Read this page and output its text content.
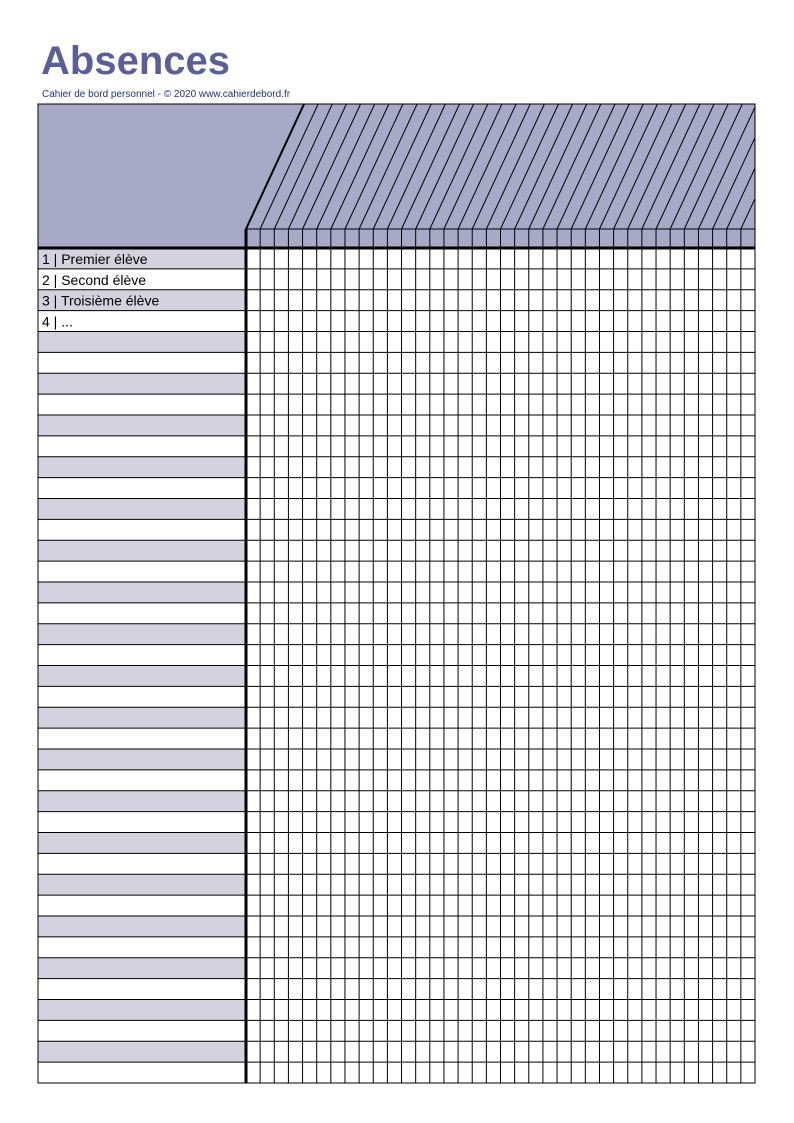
Absences
Cahier de bord personnel - © 2020 www.cahierdebord.fr
1 | Premier élève
2 | Second élève
3 | Troisième élève
4 | ...
